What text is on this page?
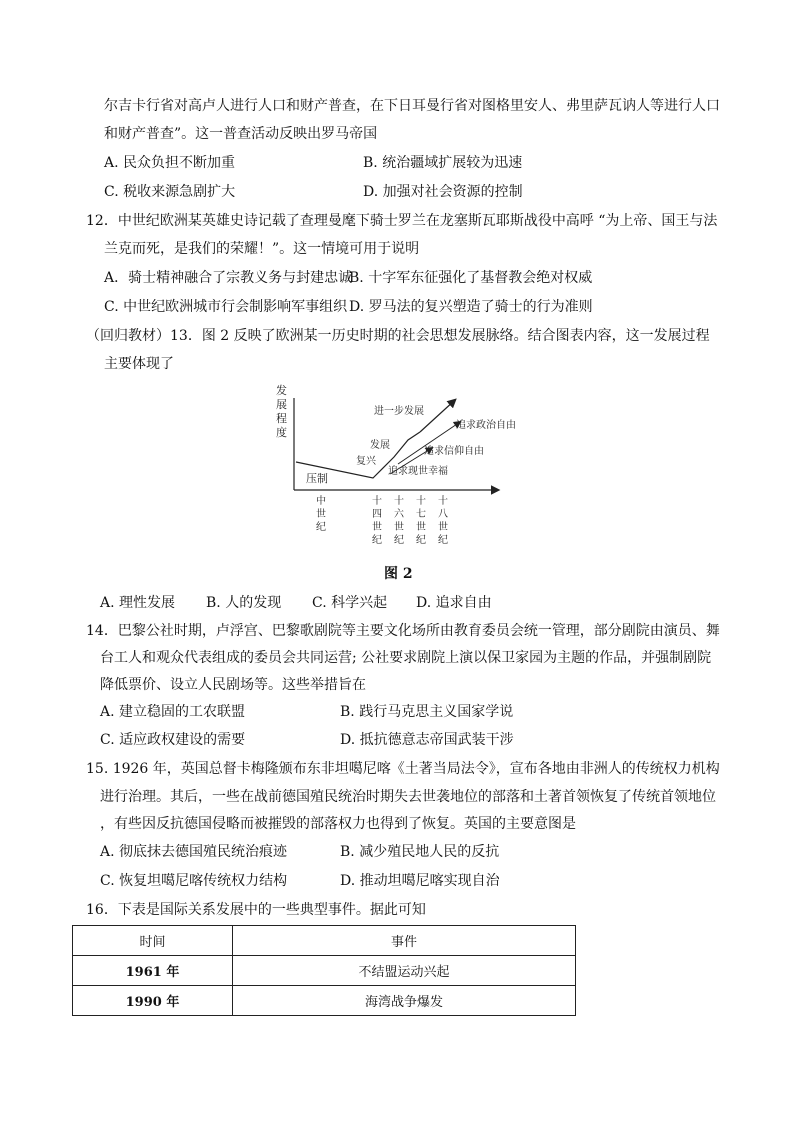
尔吉卡行省对高卢人进行人口和财产普查，在下日耳曼行省对图格里安人、弗里萨瓦讷人等进行人口
和财产普查”。这一普查活动反映出罗马帝国
A. 民众负担不断加重	B. 统治疆域扩展较为迅速
C. 税收来源急剧扩大	D. 加强对社会资源的控制
12．中世纪欧洲某英雄史诗记载了查理曼麾下骑士罗兰在龙塞斯瓦耶斯战役中高呼 “为上帝、国王与法
兰克而死，是我们的荣耀！”。这一情境可用于说明
A．骑士精神融合了宗教义务与封建忠诚
B. 十字军东征强化了基督教会绝对权威
C. 中世纪欧洲城市行会制影响军事组织 D. 罗马法的复兴塑造了骑士的行为准则
（回归教材）13．图 2 反映了欧洲某一历史时期的社会思想发展脉络。结合图表内容，这一发展过程
主要体现了
发
展
程
度
压制
复兴
发展
进一步发展
追求现世幸福
追求信仰自由
追求政治自由
中
世
纪
十
四
世
纪
十
六
世
纪
十
七
世
纪
十
八
世
纪
图 2
A. 理性发展 B. 人的发现 C. 科学兴起 D. 追求自由
14．巴黎公社时期，卢浮宫、巴黎歌剧院等主要文化场所由教育委员会统一管理，部分剧院由演员、舞
台工人和观众代表组成的委员会共同运营; 公社要求剧院上演以保卫家园为主题的作品，并强制剧院
降低票价、设立人民剧场等。这些举措旨在
A. 建立稳固的工农联盟	B. 践行马克思主义国家学说
C. 适应政权建设的需要	D. 抵抗德意志帝国武装干涉
15. 1926 年，英国总督卡梅隆颁布东非坦噶尼喀《土著当局法令》，宣布各地由非洲人的传统权力机构
进行治理。其后，一些在战前德国殖民统治时期失去世袭地位的部落和土著首领恢复了传统首领地位
，有些因反抗德国侵略而被摧毁的部落权力也得到了恢复。英国的主要意图是
A. 彻底抹去德国殖民统治痕迹	B. 减少殖民地人民的反抗
C. 恢复坦噶尼喀传统权力结构	D. 推动坦噶尼喀实现自治
16．下表是国际关系发展中的一些典型事件。据此可知
时间	事件
1961 年	不结盟运动兴起
1990 年	海湾战争爆发
